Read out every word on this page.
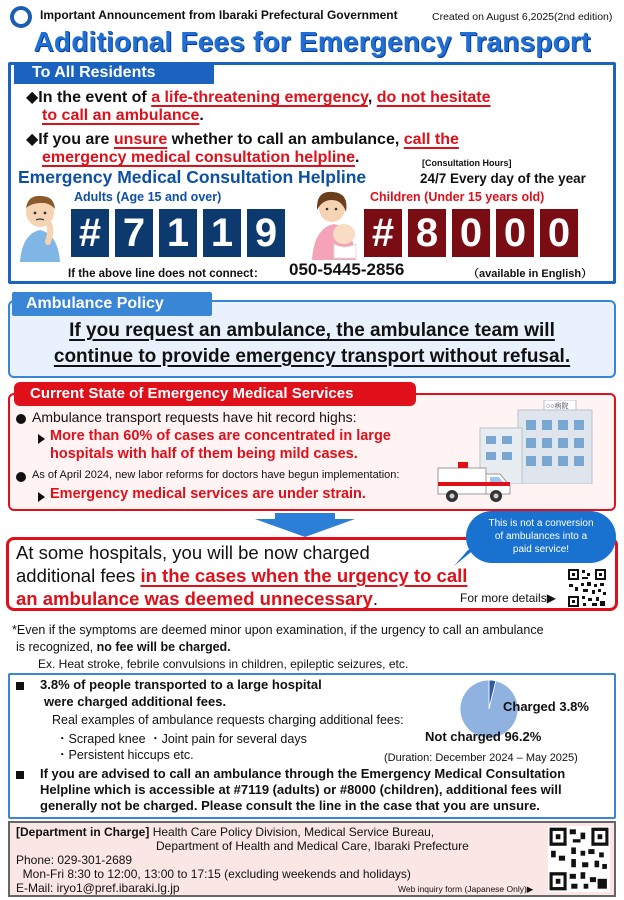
Important Announcement from Ibaraki Prefectural Government	Created on August 6,2025(2nd edition)
Additional Fees for Emergency Transport
To All Residents
◆In the event of a life-threatening emergency, do not hesitate
to call an ambulance.
◆If you are unsure whether to call an ambulance, call the
emergency medical consultation helpline.
Emergency Medical Consultation Helpline
[Consultation Hours]
24/7 Every day of the year
Adults (Age 15 and over)	Children (Under 15 years old)
# 7 1 1 9 # 8 0 0 0
If the above line does not connect： 050-5445-2856	（available in English）
Ambulance Policy
If you request an ambulance, the ambulance team will
continue to provide emergency transport without refusal.
Current State of Emergency Medical Services
Ambulance transport requests have hit record highs:
More than 60% of cases are concentrated in large
hospitals with half of them being mild cases.
As of April 2024, new labor reforms for doctors have begun implementation:
Emergency medical services are under strain.
○○病院
At some hospitals, you will be now charged
additional fees in the cases when the urgency to call
an ambulance was deemed unnecessary.	For more details▶
This is not a conversion
of ambulances into a
paid service!
*Even if the symptoms are deemed minor upon examination, if the urgency to call an ambulance
is recognized, no fee will be charged.
Ex. Heat stroke, febrile convulsions in children, epileptic seizures, etc.
3.8% of people transported to a large hospital
were charged additional fees.
Real examples of ambulance requests charging additional fees:
・Scraped knee ・Joint pain for several days
・Persistent hiccups etc.
Charged 3.8%
Not charged 96.2%
(Duration: December 2024 – May 2025)
If you are advised to call an ambulance through the Emergency Medical Consultation
Helpline which is accessible at #7119 (adults) or #8000 (children), additional fees will
generally not be charged. Please consult the line in the case that you are unsure.
[Department in Charge] Health Care Policy Division, Medical Service Bureau,
Department of Health and Medical Care, Ibaraki Prefecture
Phone: 029-301-2689
Mon-Fri 8:30 to 12:00, 13:00 to 17:15 (excluding weekends and holidays)
E-Mail: iryo1@pref.ibaraki.lg.jp	Web inquiry form (Japanese Only)▶
